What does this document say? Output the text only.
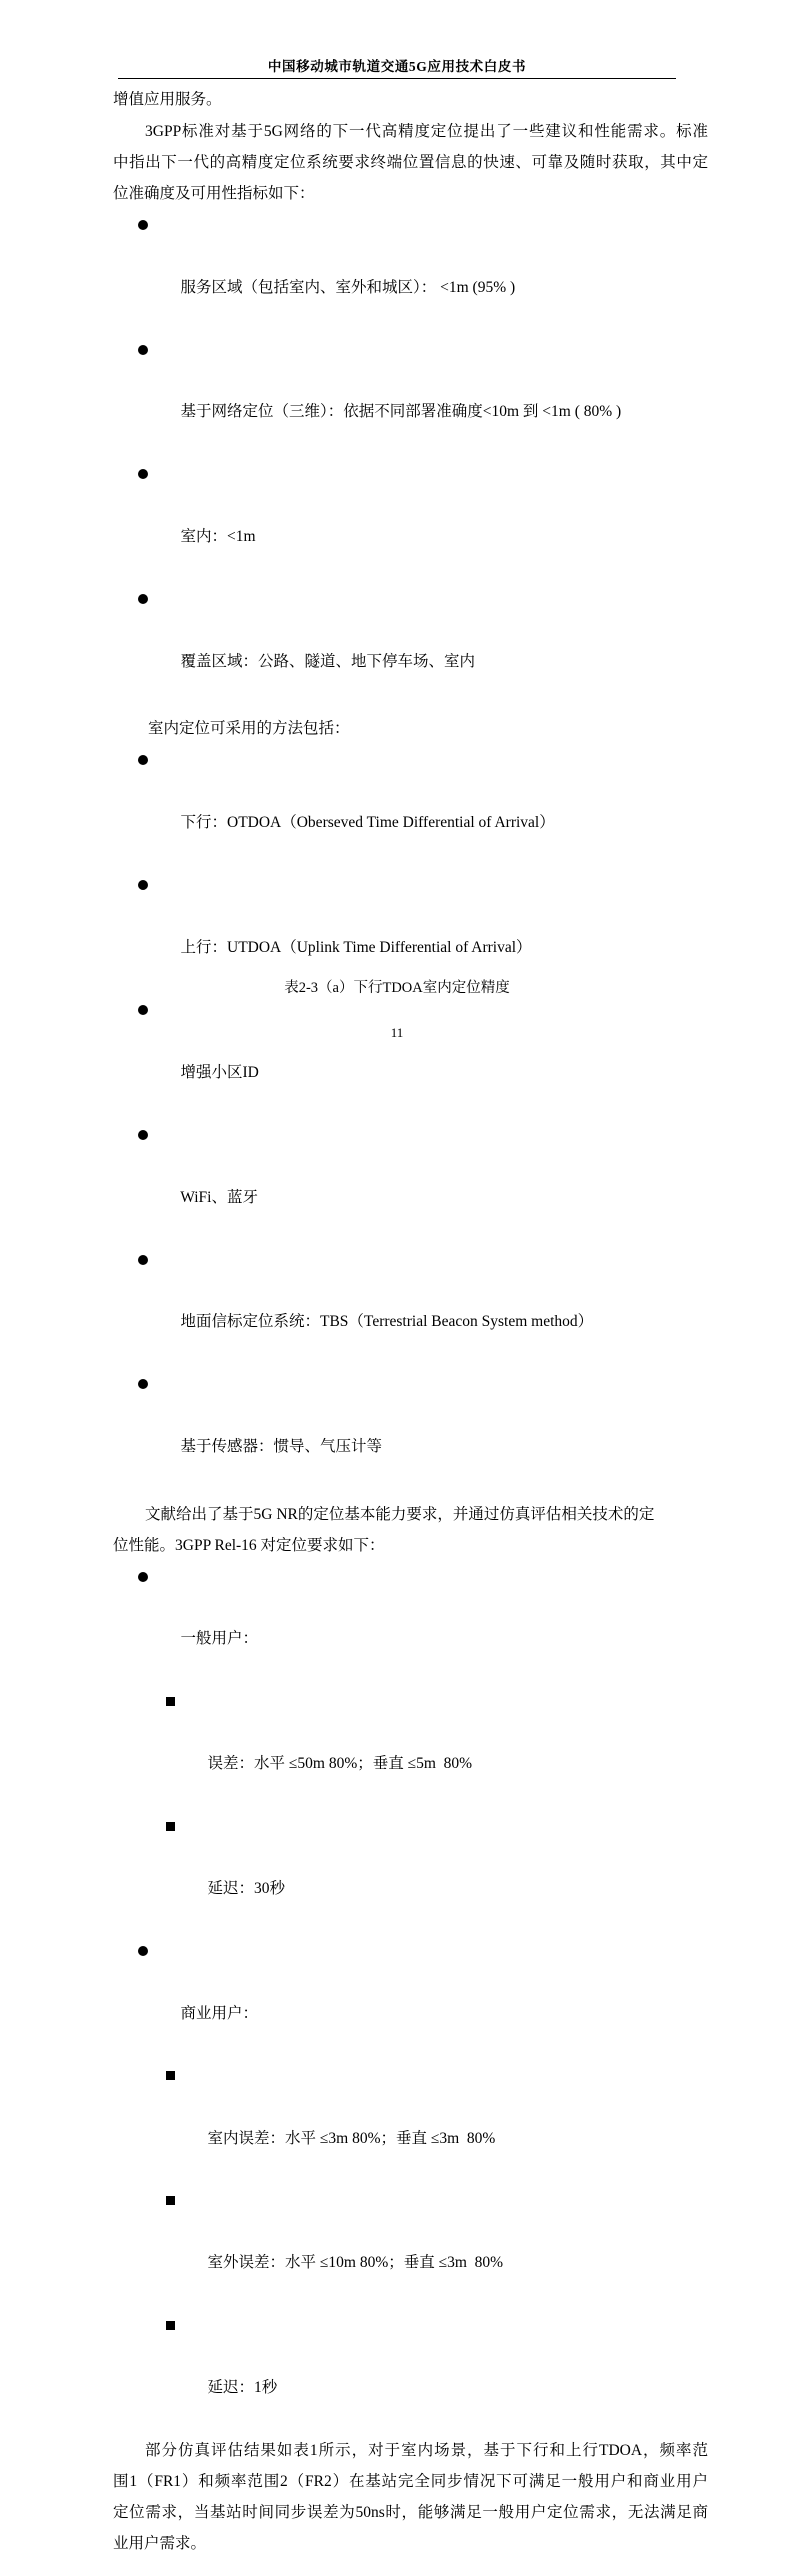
中国移动城市轨道交通5G应用技术白皮书
增值应用服务。
3GPP标准对基于5G网络的下一代高精度定位提出了一些建议和性能需求。标准
中指出下一代的高精度定位系统要求终端位置信息的快速、可靠及随时获取，其中定
位准确度及可用性指标如下：

服务区域（包括室内、室外和城区）： <1m (95% )

基于网络定位（三维）：依据不同部署准确度<10m 到 <1m ( 80% )

室内：<1m

覆盖区域：公路、隧道、地下停车场、室内

室内定位可采用的方法包括：

下行：OTDOA（Oberseved Time Differential of Arrival）

上行：UTDOA（Uplink Time Differential of Arrival）

增强小区ID

WiFi、蓝牙

地面信标定位系统：TBS（Terrestrial Beacon System method）

基于传感器：惯导、气压计等

文献给出了基于5G NR的定位基本能力要求，并通过仿真评估相关技术的定
位性能。3GPP Rel-16 对定位要求如下：

一般用户：

误差：水平 ≤50m 80%；垂直 ≤5m  80%

延迟：30秒

商业用户：

室内误差：水平 ≤3m 80%；垂直 ≤3m  80%

室外误差：水平 ≤10m 80%；垂直 ≤3m  80%

延迟：1秒

部分仿真评估结果如表1所示，对于室内场景，基于下行和上行TDOA，频率范
围1（FR1）和频率范围2（FR2）在基站完全同步情况下可满足一般用户和商业用户
定位需求，当基站时间同步误差为50ns时，能够满足一般用户定位需求，无法满足商
业用户需求。
表2-3（a）下行TDOA室内定位精度
11
